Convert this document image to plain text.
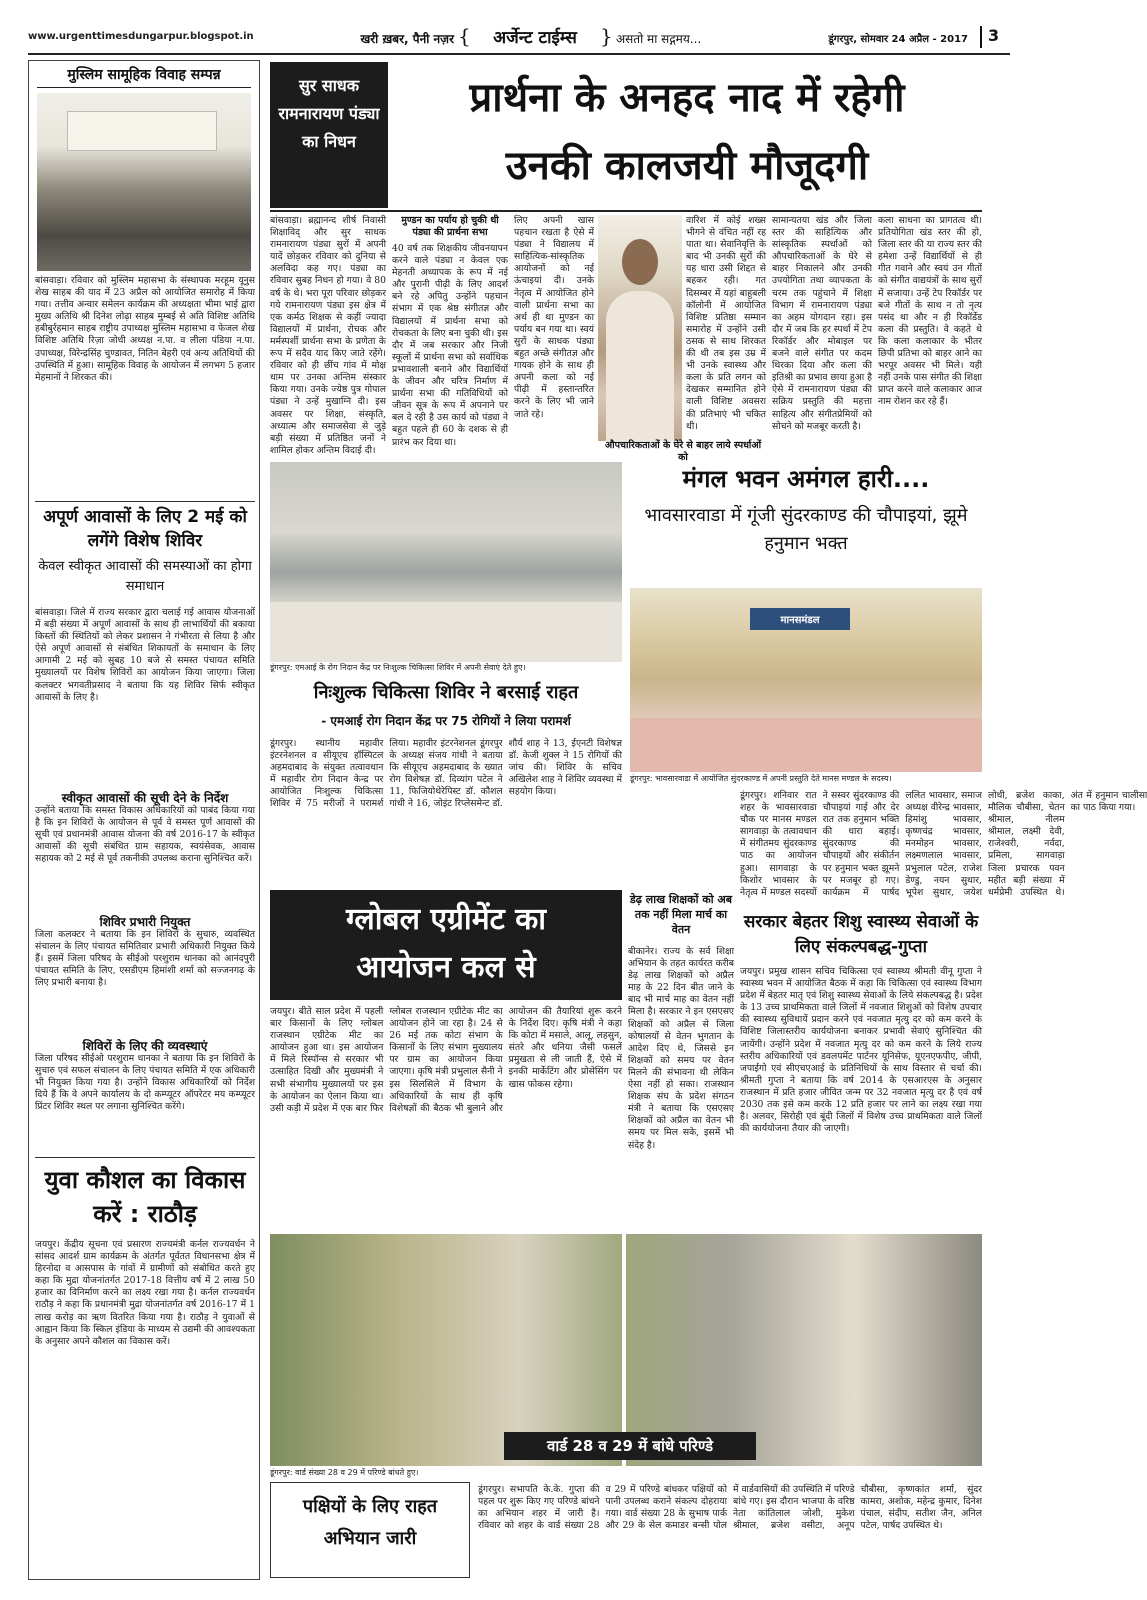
www.urgenttimesdungarpur.blogspot.in	खरी ख़बर, पैनी नज़र {	अर्जेन्ट टाईम्स	} असतो मा सद्गमय...	डूंगरपुर, सोमवार 24 अप्रैल - 2017 3
मुस्लिम सामूहिक विवाह सम्पन्न
बांसवाड़ा। रविवार को मुस्लिम महासभा के संस्थापक मरहूम यूनुस शेख साहब की याद में 23 अप्रैल को आयोजित समारोह में किया गया। तत्तीव अन्वार समेलन कार्यक्रम की अध्यक्षता भीमा भाई द्वारा मुख्य अतिथि श्री दिनेश लोढ़ा साहब मुम्बई से अति विशिष्ट अतिथि हबीबुर्रहमान साहब राष्ट्रीय उपाध्यक्ष मुस्लिम महासभा व फेजल शेख विशिष्ट अतिथि रिज़ा जोधी अध्यक्ष न.पा. व लीला पंडिया न.पा. उपाध्यक्ष, विरेन्द्रसिंह चुण्डावत, नितिन बेहरी एवं अन्य अतिथियों की उपस्थिति में हुआ। सामूहिक विवाह के आयोजन में लगभग 5 हजार मेहमानों ने शिरकत की।
अपूर्ण आवासों के लिए 2 मई को लगेंगे विशेष शिविर
केवल स्वीकृत आवासों की समस्याओं का होगा समाधान
बांसवाड़ा। जिले में राज्य सरकार द्वारा चलाई गई आवास योजनाओं में बड़ी संख्या में अपूर्ण आवासों के साथ ही लाभार्थियों की बकाया किस्तों की स्थितियों को लेकर प्रशासन ने गंभीरता से लिया है और ऐसे अपूर्ण आवासों से संबंधित शिकायतों के समाधान के लिए आगामी 2 मई को सुबह 10 बजे से समस्त पंचायत समिति मुख्यालयों पर विशेष शिविरों का आयोजन किया जाएगा। जिला कलक्टर भगवतीप्रसाद ने बताया कि यह शिविर सिर्फ स्वीकृत आवासों के लिए है।
स्वीकृत आवासों की सूची देने के निर्देश
उन्होंने बताया कि समस्त विकास अधिकारियों को पाबंद किया गया है कि इन शिविरों के आयोजन से पूर्व वे समस्त पूर्ण आवासों की सूची एवं प्रधानमंत्री आवास योजना की वर्ष 2016-17 के स्वीकृत आवासों की सूची संबंधित ग्राम सहायक, स्वयंसेवक, आवास सहायक को 2 मई से पूर्व तकनीकी उपलब्ध कराना सुनिश्चित करें।
शिविर प्रभारी नियुक्त
जिला कलक्टर ने बताया कि इन शिविरों के सुचारु, व्यवस्थित संचालन के लिए पंचायत समितिवार प्रभारी अधिकारी नियुक्त किये हैं। इसमें जिला परिषद के सीईओ परशुराम धानका को आनंदपुरी पंचायत समिति के लिए, एसडीएम हिमांशी शर्मा को सज्जनगढ़ के लिए प्रभारी बनाया है।
शिविरों के लिए की व्यवस्थाएं
जिला परिषद सीईओ परशुराम धानका ने बताया कि इन शिविरों के सुचारु एवं सफल संचालन के लिए पंचायत समिति में एक अधिकारी भी नियुक्त किया गया है। उन्होंने विकास अधिकारियों को निर्देश दिये हैं कि वे अपने कार्यालय के दो कम्प्यूटर ऑपरेटर मय कम्प्यूटर प्रिंटर शिविर स्थल पर लगाना सुनिश्चित करेंगे।
युवा कौशल का विकास करें : राठौड़
जयपुर। केंद्रीय सूचना एवं प्रसारण राज्यमंत्री कर्नल राज्यवर्धन ने सांसद आदर्श ग्राम कार्यक्रम के अंतर्गत पूर्वतत विधानसभा क्षेत्र में हिरनोदा व आसपास के गांवों में ग्रामीणों को संबोधित करते हुए कहा कि मुद्रा योजनांतर्गत 2017-18 वित्तीय वर्ष में 2 लाख 50 हजार का विनिर्माण करने का लक्ष्य रखा गया है। कर्नल राज्यवर्धन राठौड़ ने कहा कि प्रधानमंत्री मुद्रा योजनांतर्गत वर्ष 2016-17 में 1 लाख करोड़ का ऋण वितरित किया गया है। राठौड़ ने युवाओं से आह्वान किया कि स्किल इंडिया के माध्यम से उद्यमी की आवश्यकता के अनुसार अपने कौशल का विकास करें।
सुर साधक रामनारायण पंड्या का निधन
प्रार्थना के अनहद नाद में रहेगी
उनकी कालजयी मौजूदगी
बांसवाड़ा। ब्रह्मानन्द शीर्ष निवासी शिक्षाविद् और सुर साधक रामनारायण पंड्या सुरों में अपनी यादें छोड़कर रविवार को दुनिया से अलविदा कह गए। पंड्या का रविवार सुबह निधन हो गया। वे 80 वर्ष के थे। भरा पूरा परिवार छोड़कर गये रामनारायण पंड्या इस क्षेत्र में एक कर्मठ शिक्षक से कहीं ज्यादा विद्यालयों में प्रार्थना, रोचक और मर्मस्पर्शी प्रार्थना सभा के प्रणेता के रूप में सदैव याद किए जाते रहेंगे। रविवार को ही छींच गांव में मोक्ष धाम पर उनका अन्तिम संस्कार किया गया। उनके ज्येष्ठ पुत्र गोपाल पंड्या ने उन्हें मुखाग्नि दी। इस अवसर पर शिक्षा, संस्कृति, अध्यात्म और समाजसेवा से जुड़े बड़ी संख्या में प्रतिष्ठित जनों ने शामिल होकर अन्तिम विदाई दी।
मुण्डन का पर्याय हो चुकी थी पंड्या की प्रार्थना सभा
40 वर्ष तक शिक्षकीय जीवनयापन करने वाले पंड्या न केवल एक मेहनती अध्यापक के रूप में नई और पुरानी पीढ़ी के लिए आदर्श बने रहे अपितु उन्होंने पहचान संभाग में एक श्रेष्ठ संगीतज्ञ और विद्यालयों में प्रार्थना सभा को रोचकता के लिए बना चुकी थी। इस दौर में जब सरकार और निजी स्कूलों में प्रार्थना सभा को सर्वाधिक प्रभावशाली बनाने और विद्यार्थियों के जीवन और चरित्र निर्माण में प्रार्थना सभा की गतिविधियों को जीवन सूत्र के रूप में अपनाने पर बल दे रही है उस कार्य को पंड्या ने बहुत पहले ही 60 के दशक से ही प्रारंभ कर दिया था।
लिए अपनी खास पहचान रखता है ऐसे में पंड्या ने विद्यालय में साहित्यिक-सांस्कृतिक आयोजनों को नई ऊंचाइयां दी। उनके नेतृत्व में आयोजित होने वाली प्रार्थना सभा का अर्थ ही था मुण्डन का पर्याय बन गया था। स्वयं सुरों के साधक पंड्या बहुत अच्छे संगीतज्ञ और गायक होने के साथ ही अपनी कला को नई पीढ़ी में हस्तान्तरित करने के लिए भी जाने जाते रहे।
वारिश में कोई शख्स भीगने से वंचित नहीं रह पाता था। सेवानिवृत्ति के बाद भी उनकी सुरों की यह धारा उसी शिद्दत से बहकर रही। गत दिसम्बर में यहां बाहुबली कॉलोनी में आयोजित विशिष्ट प्रतिष्ठा सम्मान समारोह में उन्होंने उसी ठसक से साथ शिरकत की थी तब इस उम्र में भी उनके स्वास्थ्य और कला के प्रति लगन को देखकर सम्मानित होने वाली विशिष्ट अवसरा की प्रतिभाएं भी चकित थी।
औपचारिकताओं के घेरे से बाहर लाये स्पर्धाओं को
सामान्यतया खंड और जिला स्तर की साहित्यिक और सांस्कृतिक स्पर्धाओं को औपचारिकताओं के घेरे से बाहर निकालने और उनकी उपयोगिता तथा व्यापकता के चरम तक पहुंचाने में शिक्षा विभाग में रामनारायण पंड्या का अहम योगदान रहा। इस दौर में जब कि हर स्पर्धा में टेप रिकॉर्डर और मोबाइल पर बजने वाले संगीत पर कदम थिरका दिया और कला की इतिश्री का प्रभाव छाया हुआ है ऐसे में रामनारायण पंड्या की सक्रिय प्रस्तुति की महत्ता साहित्य और संगीतप्रेमियों को सोचने को मजबूर करती है।
कला साधना का प्रागतत्व थी। प्रतियोगिता खंड स्तर की हो, जिला स्तर की या राज्य स्तर की हमेशा उन्हें विद्यार्थियों से ही गीत गवाने और स्वयं उन गीतों को संगीत वाद्ययंत्रों के साथ सुरों में सजाया। उन्हें टेप रिकॉर्डर पर बजे गीतों के साथ न तो नृत्य पसंद था और न ही रिकॉर्डेड कला की प्रस्तुति। वे कहते थे कि कला कलाकार के भीतर छिपी प्रतिभा को बाहर आने का भरपूर अवसर भी मिले। यही नहीं उनके पास संगीत की शिक्षा प्राप्त करने वाले कलाकार आज नाम रोशन कर रहे हैं।
डूंगरपुर: एमआई के रोग निदान केंद्र पर निःशुल्क चिकित्सा शिविर में अपनी सेवाएं देते हुए।
निःशुल्क चिकित्सा शिविर ने बरसाई राहत
- एमआई रोग निदान केंद्र पर 75 रोगियों ने लिया परामर्श
डूंगरपुर। स्थानीय महावीर इंटरनेशनल व सीयूएच हॉस्पिटल अहमदाबाद के संयुक्त तत्वावधान में महावीर रोग निदान केन्द्र पर आयोजित निःशुल्क चिकित्सा शिविर में 75 मरीजों ने परामर्श लिया। महावीर इंटरनेशनल डूंगरपुर के अध्यक्ष संजय गांधी ने बताया कि सीयूएच अहमदाबाद के ख्यात रोग विशेषज्ञ डॉ. दिव्यांग पटेल ने 11, फिजियोथेरेपिस्ट डॉ. कौशल गांधी ने 16, जोइंट रिप्लेसमेन्ट डॉ. शौर्य शाह ने 13, ईएनटी विशेषज्ञ डॉ. केजी शुक्ल ने 15 रोगियों की जांच की। शिविर के सचिव अखिलेश शाह ने शिविर व्यवस्था में सहयोग किया।
ग्लोबल एग्रीमेंट का
आयोजन कल से
जयपुर। बीते साल प्रदेश में पहली बार किसानों के लिए ग्लोबल राजस्थान एग्रीटेक मीट का आयोजन हुआ था। इस आयोजन में मिले रिस्पॉन्स से सरकार भी उत्साहित दिखी और मुख्यमंत्री ने सभी संभागीय मुख्यालयों पर इस के आयोजन का ऐलान किया था। उसी कड़ी में प्रदेश में एक बार फिर ग्लोबल राजस्थान एग्रीटेक मीट का आयोजन होने जा रहा है। 24 से 26 मई तक कोटा संभाग के किसानों के लिए संभाग मुख्यालय पर ग्राम का आयोजन किया जाएगा। कृषि मंत्री प्रभुलाल सैनी ने इस सिलसिले में विभाग के अधिकारियों के साथ ही कृषि विशेषज्ञों की बैठक भी बुलाने और आयोजन की तैयारियां शुरू करने के निर्देश दिए। कृषि मंत्री ने कहा कि कोटा में मसाले, आलू, लहसुन, संतरे और धनिया जैसी फसलें प्रमुखता से ली जाती हैं, ऐसे में इनकी मार्केटिंग और प्रोसेसिंग पर खास फोकस रहेगा।
डेढ़ लाख शिक्षकों को अब तक नहीं मिला मार्च का वेतन
बीकानेर। राज्य के सर्व शिक्षा अभियान के तहत कार्यरत करीब डेढ़ लाख शिक्षकों को अप्रैल माह के 22 दिन बीत जाने के बाद भी मार्च माह का वेतन नहीं मिला है। सरकार ने इन एसएसए शिक्षकों को अप्रैल से जिला कोषालयों से वेतन भुगतान के आदेश दिए थे, जिससे इन शिक्षकों को समय पर वेतन मिलने की संभावना थी लेकिन ऐसा नहीं हो सका। राजस्थान शिक्षक संघ के प्रदेश संगठन मंत्री ने बताया कि एसएसए शिक्षकों को अप्रैल का वेतन भी समय पर मिल सके, इसमें भी संदेह है।
मंगल भवन अमंगल हारी....
भावसारवाडा में गूंजी सुंदरकाण्ड की चौपाइयां, झूमे हनुमान भक्त
मानसमंडल
डूंगरपुर: भावसारवाडा में आयोजित सुंदरकाण्ड में अपनी प्रस्तुति देते मानस मण्डल के सदस्य।
डूंगरपुर। शनिवार रात शहर के भावसारवाडा चौक पर मानस मण्डल सागवाड़ा के तत्वावधान में संगीतमय सुंदरकाण्ड पाठ का आयोजन हुआ। सागवाड़ा के किशोर भावसार के नेतृत्व में मण्डल सदस्यों ने सस्वर सुंदरकाण्ड की चौपाइयां गाई और देर रात तक हनुमान भक्ति की धारा बहाई। सुंदरकाण्ड की चौपाइयों और संकीर्तन पर हनुमान भक्त झूमने पर मजबूर हो गए। कार्यक्रम में पार्षद ललित भावसार, समाज अध्यक्ष वीरेन्द्र भावसार, हिमांशु भावसार, कृष्णचंद्र भावसार, मनमोहन भावसार, लक्ष्मणलाल भावसार, प्रभुलाल पटेल, राजेश डेण्डु, नयन सुथार, भूपेश सुथार, जयेश लोधी, ब्रजेश काका, मौलिक चौबीसा, चेतन श्रीमाल, नीलम श्रीमाल, लक्ष्मी देवी, राजेश्वरी, नर्वदा, प्रमिला, सागवाड़ा जिला प्रचारक पवन महीत बड़ी संख्या में धर्मप्रेमी उपस्थित थे। अंत में हनुमान चालीसा का पाठ किया गया।
सरकार बेहतर शिशु स्वास्थ्य सेवाओं के लिए संकल्पबद्ध-गुप्ता
जयपुर। प्रमुख शासन सचिव चिकित्सा एवं स्वास्थ्य श्रीमती वीनू गुप्ता ने स्वास्थ्य भवन में आयोजित बैठक में कहा कि चिकित्सा एवं स्वास्थ्य विभाग प्रदेश में बेहतर मातृ एवं शिशु स्वास्थ्य सेवाओं के लिये संकल्पबद्ध है। प्रदेश के 13 उच्च प्राथमिकता वाले जिलों में नवजात शिशुओं को विशेष उपचार की स्वास्थ्य सुविधायें प्रदान करने एवं नवजात मृत्यु दर को कम करने के विशिष्ट जिलास्तरीय कार्ययोजना बनाकर प्रभावी सेवाएं सुनिश्चित की जायेंगी। उन्होंने प्रदेश में नवजात मृत्यु दर को कम करने के लिये राज्य स्तरीय अधिकारियों एवं डवलपमेंट पार्टनर यूनिसेफ, यूएनएफपीए, जीपी, जपाईगो एवं सीएचएआई के प्रतिनिधियों के साथ विस्तार से चर्चा की। श्रीमती गुप्ता ने बताया कि वर्ष 2014 के एसआरएस के अनुसार राजस्थान में प्रति हजार जीवित जन्म पर 32 नवजात मृत्यु दर है एवं वर्ष 2030 तक इसे कम करके 12 प्रति हजार पर लाने का लक्ष्य रखा गया है। अलवर, सिरोही एवं बूंदी जिलों में विशेष उच्च प्राथमिकता वाले जिलों की कार्ययोजना तैयार की जाएगी।
वार्ड 28 व 29 में बांधे परिण्डे
डूंगरपुर: वार्ड संख्या 28 व 29 में परिण्डे बांधते हुए।
पक्षियों के लिए राहत अभियान जारी
डूंगरपुर। सभापति के.के. गुप्ता की पहल पर शुरू किए गए परिण्डे बांधने का अभियान शहर में जारी है। रविवार को शहर के वार्ड संख्या 28 व 29 में परिण्डे बांधकर पक्षियों को पानी उपलब्ध कराने संकल्प दोहराया गया। वार्ड संख्या 28 के सुभाष पार्क और 29 के सेल कमाडर बन्सी पोल में वार्डवासियों की उपस्थिति में परिण्डे बांधे गए। इस दौरान भाजपा के वरिष्ठ नेता कांतिलाल जोशी, मुकेश श्रीमाल, ब्रजेश वसीटा, अनूप चौबीसा, कृष्णकांत शर्मा, सुंदर कामरा, अशोक, महेन्द्र कुमार, दिनेश पंचाल, संदीप, सतीश जैन, अनिल पटेल, पार्षद उपस्थित थे।
